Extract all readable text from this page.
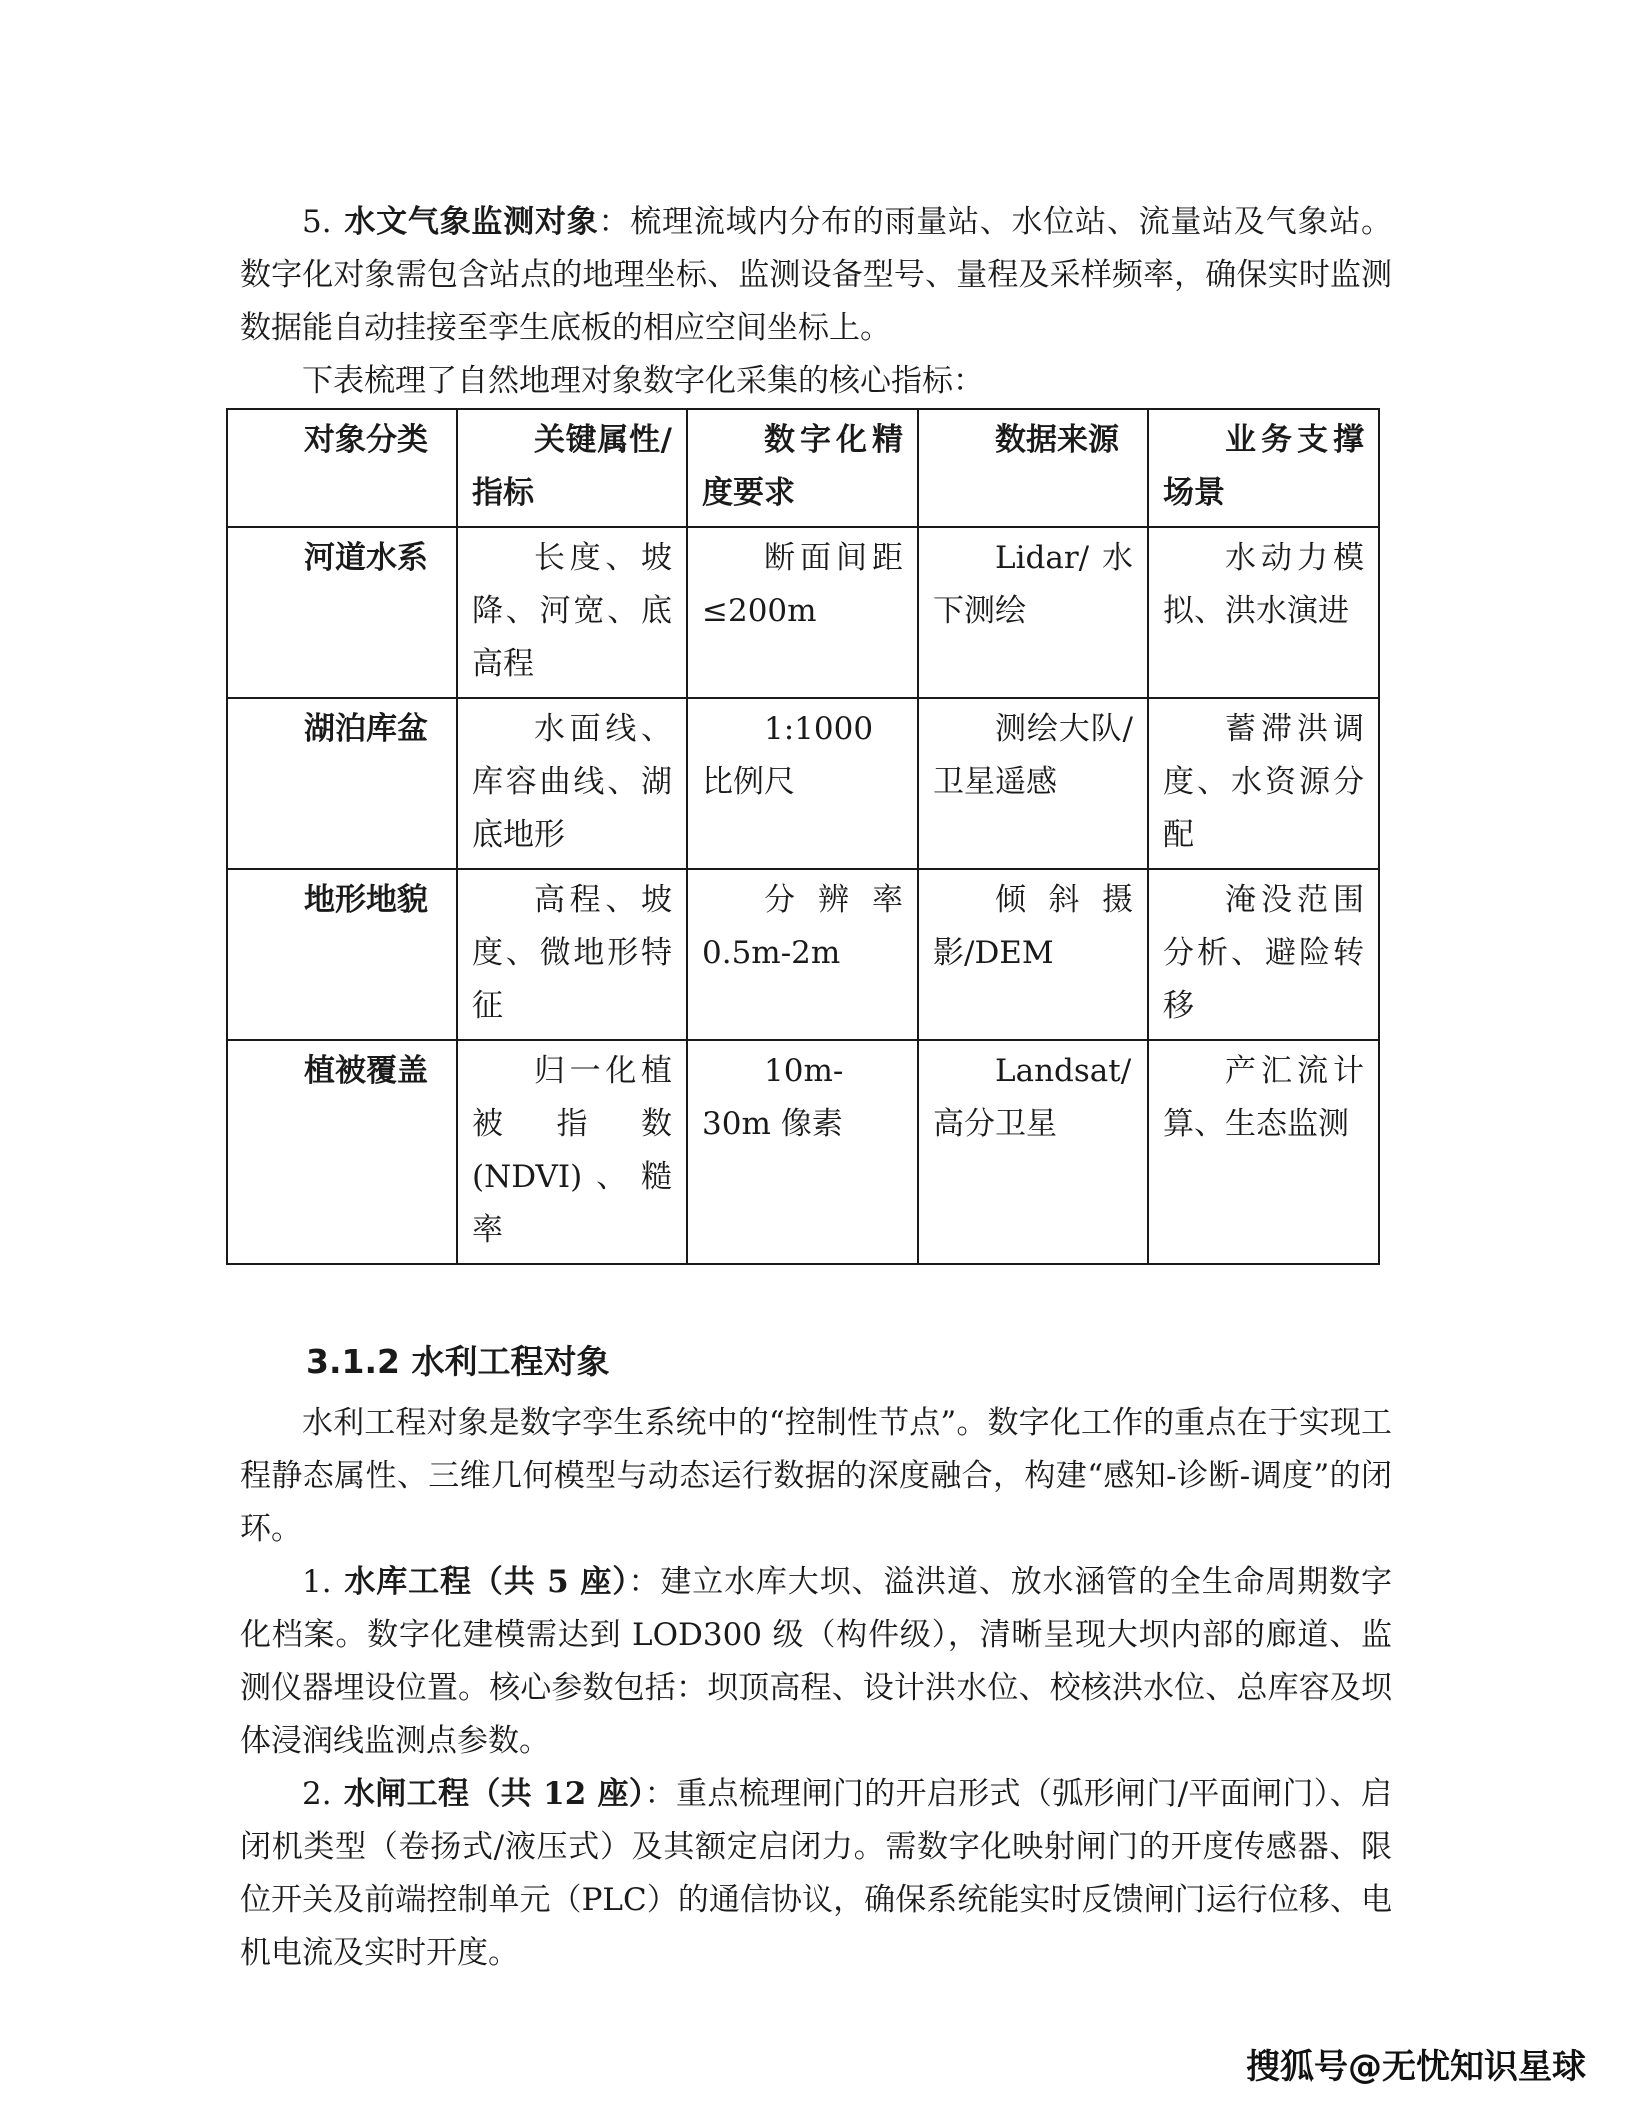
5. 水文气象监测对象：梳理流域内分布的雨量站、水位站、流量站及气象站。数字化对象需包含站点的地理坐标、监测设备型号、量程及采样频率，确保实时监测数据能自动挂接至孪生底板的相应空间坐标上。

下表梳理了自然地理对象数字化采集的核心指标：

对象分类	关键属性/指标	数字化精度要求	数据来源	业务支撑场景
河道水系	长度、坡降、河宽、底高程	断面间距≤200m	Lidar/水下测绘	水动力模拟、洪水演进
湖泊库盆	水面线、库容曲线、湖底地形	1:1000 比例尺	测绘大队/卫星遥感	蓄滞洪调度、水资源分配
地形地貌	高程、坡度、微地形特征	分辨率 0.5m-2m	倾斜摄影/DEM	淹没范围分析、避险转移
植被覆盖	归一化植被指数(NDVI)、糙率	10m-30m 像素	Landsat/高分卫星	产汇流计算、生态监测
3.1.2 水利工程对象

水利工程对象是数字孪生系统中的“控制性节点”。数字化工作的重点在于实现工程静态属性、三维几何模型与动态运行数据的深度融合，构建“感知-诊断-调度”的闭环。

1. 水库工程（共 5 座）：建立水库大坝、溢洪道、放水涵管的全生命周期数字化档案。数字化建模需达到 LOD300 级（构件级），清晰呈现大坝内部的廊道、监测仪器埋设位置。核心参数包括：坝顶高程、设计洪水位、校核洪水位、总库容及坝体浸润线监测点参数。

2. 水闸工程（共 12 座）：重点梳理闸门的开启形式（弧形闸门/平面闸门）、启闭机类型（卷扬式/液压式）及其额定启闭力。需数字化映射闸门的开度传感器、限位开关及前端控制单元（PLC）的通信协议，确保系统能实时反馈闸门运行位移、电机电流及实时开度。

搜狐号@无忧知识星球
